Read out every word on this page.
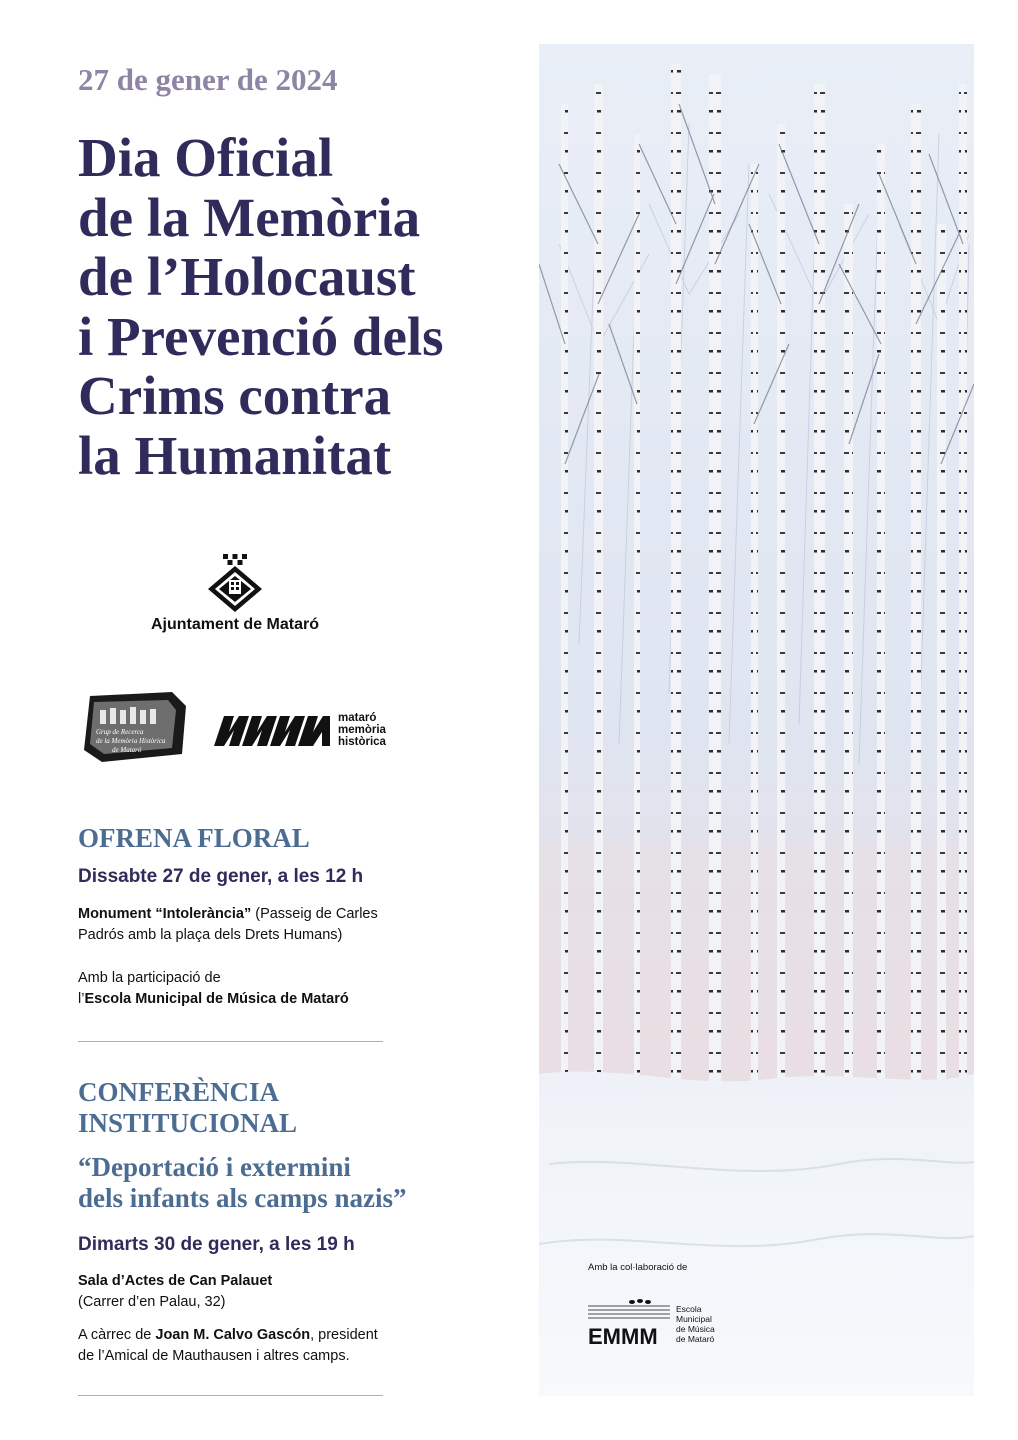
27 de gener de 2024
Dia Oficial
de la Memòria
de l’Holocaust
i Prevenció dels
Crims contra
la Humanitat
Ajuntament de Mataró
Grup de Recerca
de la Memòria Històrica
de Mataró
mataró
memòria
històrica
OFRENA FLORAL
Dissabte 27 de gener, a les 12 h
Monument “Intolerància” (Passeig de Carles
Padrós amb la plaça dels Drets Humans)
Amb la participació de
l’Escola Municipal de Música de Mataró
CONFERÈNCIA
INSTITUCIONAL
“Deportació i extermini
dels infants als camps nazis”
Dimarts 30 de gener, a les 19 h
Sala d’Actes de Can Palauet
(Carrer d’en Palau, 32)
A càrrec de Joan M. Calvo Gascón, president
de l’Amical de Mauthausen i altres camps.
Amb la col·laboració de
EMMM
Escola
Municipal
de Música
de Mataró
